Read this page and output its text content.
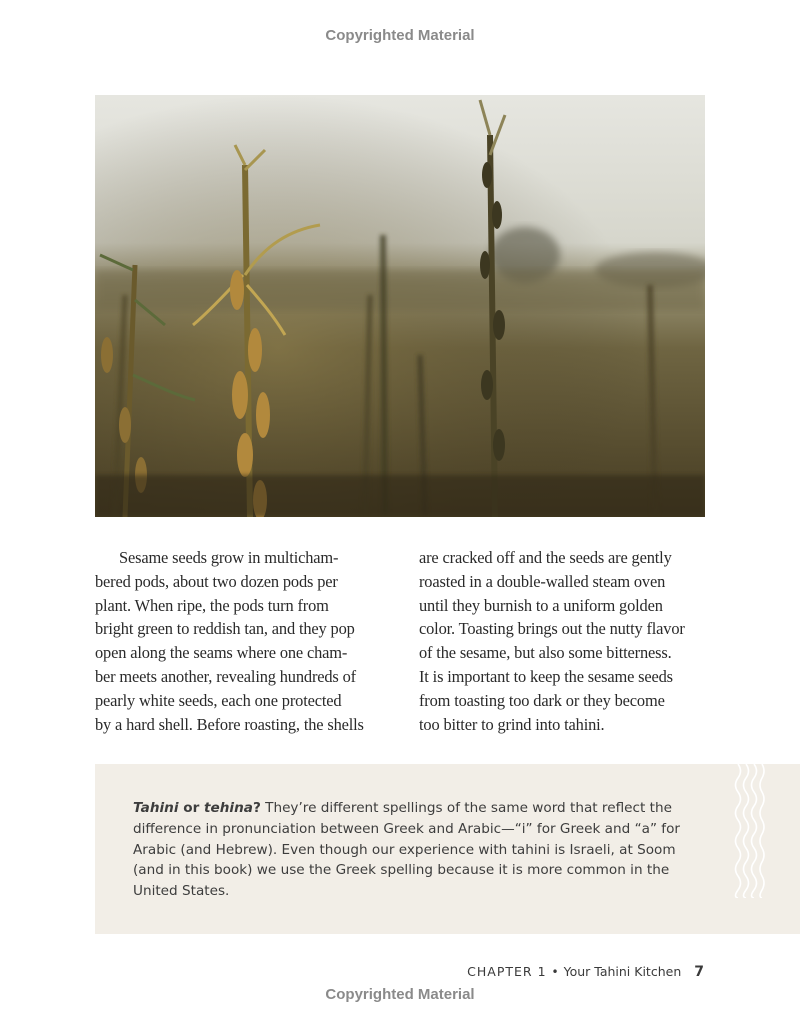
Copyrighted Material
Sesame seeds grow in multicham-
bered pods, about two dozen pods per
plant. When ripe, the pods turn from
bright green to reddish tan, and they pop
open along the seams where one cham-
ber meets another, revealing hundreds of
pearly white seeds, each one protected
by a hard shell. Before roasting, the shells
are cracked off and the seeds are gently
roasted in a double-walled steam oven
until they burnish to a uniform golden
color. Toasting brings out the nutty flavor
of the sesame, but also some bitterness.
It is important to keep the sesame seeds
from toasting too dark or they become
too bitter to grind into tahini.
Tahini or tehina? They’re different spellings of the same word that reflect the
difference in pronunciation between Greek and Arabic—“i” for Greek and “a” for
Arabic (and Hebrew). Even though our experience with tahini is Israeli, at Soom
(and in this book) we use the Greek spelling because it is more common in the
United States.
CHAPTER 1 • Your Tahini Kitchen 7
Copyrighted Material
